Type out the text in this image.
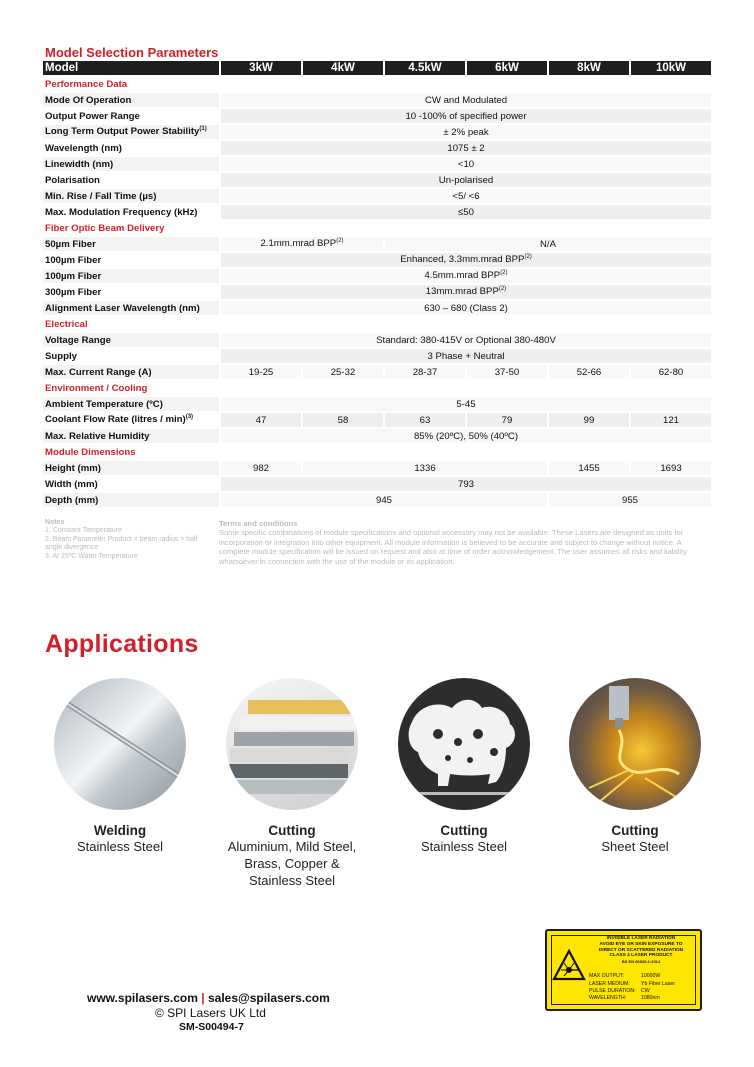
Model Selection Parameters
Model	3kW	4kW	4.5kW	6kW	8kW	10kW
Performance Data						
Mode Of Operation	CW and Modulated					
Output Power Range	10 -100% of specified power					
Long Term Output Power Stability$^{(1)}$	± 2% peak					
Wavelength (nm)	1075 ± 2					
Linewidth (nm)	<10					
Polarisation	Un-polarised					
Min. Rise / Fall Time (µs)	<5/ <6					
Max. Modulation Frequency (kHz)	≤50					
Fiber Optic Beam Delivery						
50µm Fiber	2.1mm.mrad BPP$^{(2)}$		N/A			
100µm Fiber	Enhanced, 3.3mm.mrad BPP$^{(2)}$
100µm Fiber	4.5mm.mrad BPP$^{(2)}$
300µm Fiber	13mm.mrad BPP$^{(2)}$
Alignment Laser Wavelength (nm)	630 – 680 (Class 2)					
Electrical						
Voltage Range	Standard: 380-415V or Optional 380-480V					
Supply	3 Phase + Neutral					
Max. Current Range (A)	19-25	25-32	28-37	37-50	52-66	62-80
Environment / Cooling						
Ambient Temperature (ºC)	5-45					
Coolant Flow Rate (litres / min)$^{(3)}$	47	58	63	79	99	121
Max. Relative Humidity	85% (20ºC), 50% (40ºC)					
Module Dimensions						
Height (mm)	982	1336			1455	1693
Width (mm)	793					
Depth (mm)	945				955	
Notes
1. Constant Temperature
2. Beam Parameter Product = beam radius × half angle divergence
3. At 25ºC Water Temperature
Terms and conditions
Some specific combinations of module specifications and optional accessory may not be available. These Lasers are designed as units for incorporation or integration into other equipment. All module information is believed to be accurate and subject to change without notice. A complete module specification will be issued on request and also at time of order acknowledgement. The user assumes all risks and liability whatsoever in connection with the use of the module or its application.
Applications
Welding
Stainless Steel
Cutting
Aluminium, Mild Steel, Brass, Copper & Stainless Steel
Cutting
Stainless Steel
Cutting
Sheet Steel
INVISIBLE LASER RADIATION
AVOID EYE OR SKIN EXPOSURE TO
DIRECT OR SCATTERED RADIATION
CLASS 4 LASER PRODUCT
BS EN 60825-1:2014
MAX OUTPUT:	10000W
LASER MEDIUM:	Yb Fiber Laser
PULSE DURATION:	CW
WAVELENGTH:	1080nm
www.spilasers.com | sales@spilasers.com
© SPI Lasers UK Ltd
SM-S00494-7
